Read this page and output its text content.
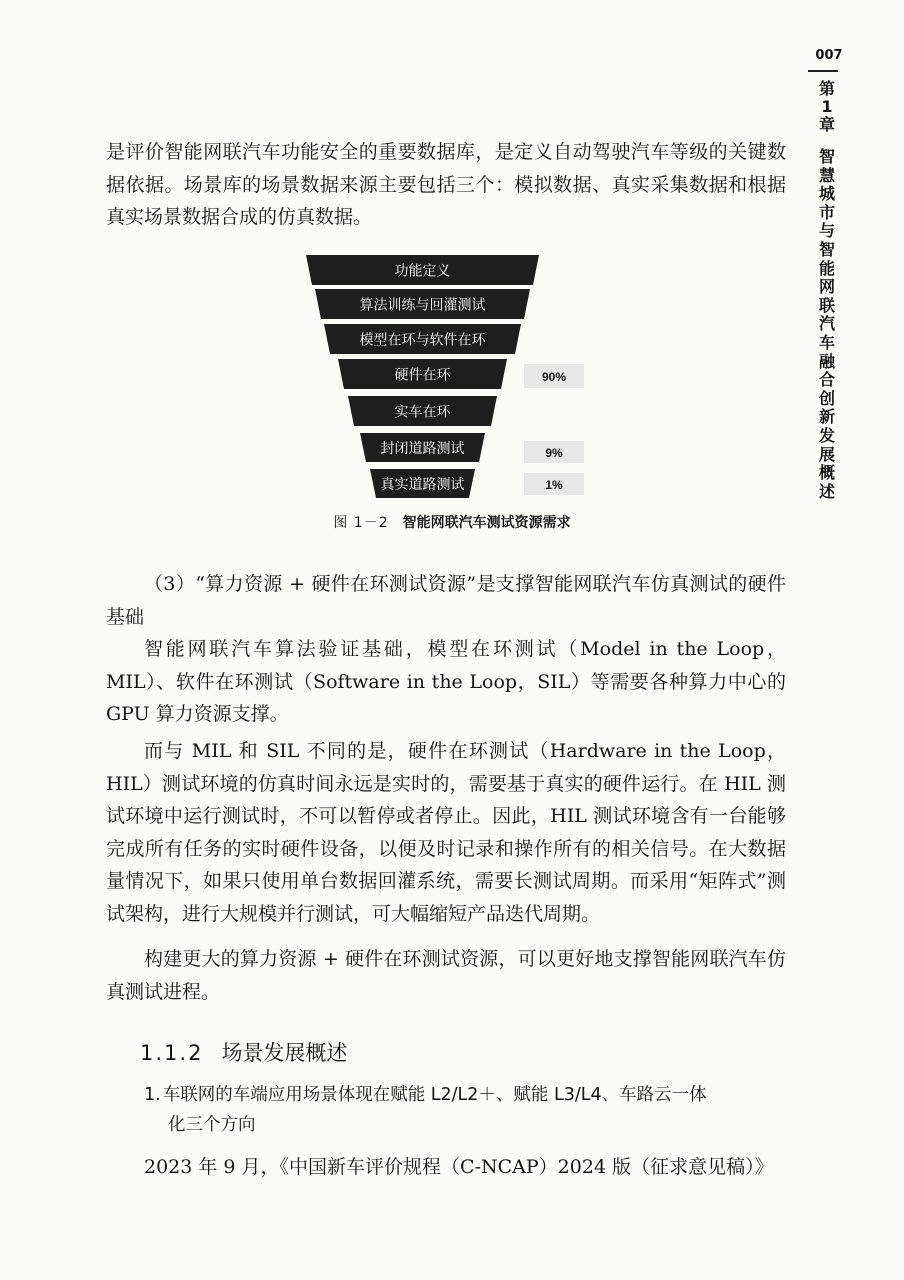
007
第
1
章
智慧城市与智能网联汽车融合创新发展概述

是评价智能网联汽车功能安全的重要数据库，是定义自动驾驶汽车等级的关键数据依据。场景库的场景数据来源主要包括三个：模拟数据、真实采集数据和根据真实场景数据合成的仿真数据。

功能定义
算法训练与回灌测试
模型在环与软件在环
硬件在环
实车在环
封闭道路测试
真实道路测试
90%
9%
1%
图 1－2 智能网联汽车测试资源需求

（3）“算力资源 + 硬件在环测试资源”是支撑智能网联汽车仿真测试的硬件基础

智能网联汽车算法验证基础，模型在环测试（Model in the Loop，MIL）、软件在环测试（Software in the Loop，SIL）等需要各种算力中心的 GPU 算力资源支撑。

而与 MIL 和 SIL 不同的是，硬件在环测试（Hardware in the Loop，HIL）测试环境的仿真时间永远是实时的，需要基于真实的硬件运行。在 HIL 测试环境中运行测试时，不可以暂停或者停止。因此，HIL 测试环境含有一台能够完成所有任务的实时硬件设备，以便及时记录和操作所有的相关信号。在大数据量情况下，如果只使用单台数据回灌系统，需要长测试周期。而采用“矩阵式”测试架构，进行大规模并行测试，可大幅缩短产品迭代周期。

构建更大的算力资源 + 硬件在环测试资源，可以更好地支撑智能网联汽车仿真测试进程。

1.1.2 场景发展概述
1. 车联网的车端应用场景体现在赋能 L2/L2＋、赋能 L3/L4、车路云一体
化三个方向

2023 年 9 月，《中国新车评价规程（C-NCAP）2024 版（征求意见稿）》
